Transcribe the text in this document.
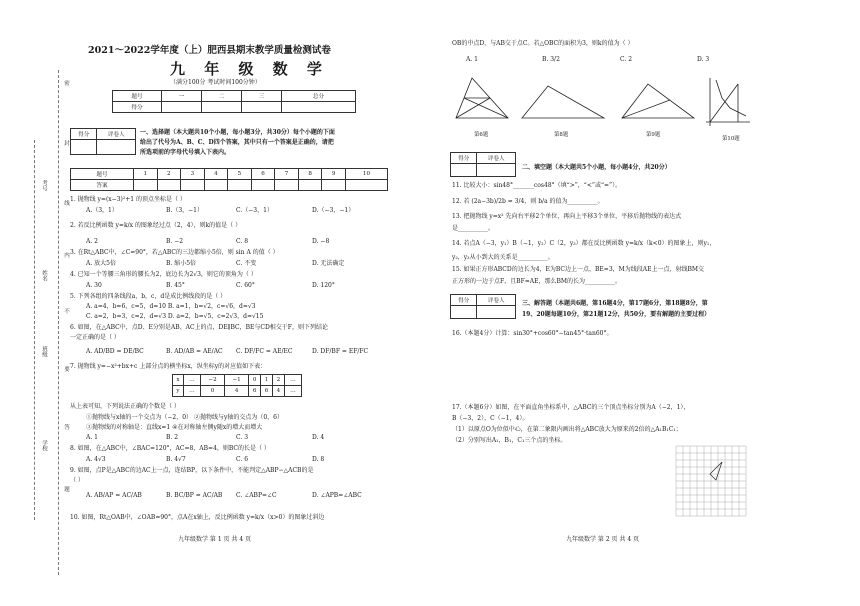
密
封
线
内
不
要
答
题
考号
姓名
班级
学校
2021～2022学年度（上）肥西县期末教学质量检测试卷
九 年 级 数 学
（满分100分 考试时间100分钟）
题号	一	二	三	总分
得分				
得分	评卷人
		一、选择题（本大题共10个小题，每小题3分，共30分）每个小题的下面
给出了代号为A、B、C、D四个答案，其中只有一个答案是正确的，请把
所选项前的字母代号填入下表内。
题号	1	2	3	4	5	6	7	8	9	10
答案										
1. 抛物线 y=(x−3)²+1 的顶点坐标是（ ）
A.（3，1）	B.（3，−1）	C.（−3，1）	D.（−3，−1）
2. 若反比例函数 y=k/x 的图象经过点（2，4），则k的值是（ ）
A. 2	B. −2	C. 8	D. −8
3. 在Rt△ABC中，∠C=90°，若△ABC的三边都缩小5倍，则 sin A 的值（ ）
A. 放大5倍	B. 缩小5倍	C. 不变	D. 无法确定
4. 已知一个等腰三角形的腰长为2，底边长为2√3，则它的顶角为（ ）
A. 30	B. 45°	C. 60°	D. 120°
5. 下列各组的四条线段a，b，c，d是成比例线段的是（ ）
A. a=4，b=6，c=5，d=10 B. a=1，b=√2，c=√6，d=√3
C. a=2，b=3，c=2，d=√3 D. a=2，b=√5，c=2√3，d=√15
6. 如图，在△ABC中，点D、E分别是AB、AC上的点，DE∥BC，BE与CD相交于F，则下列结论
一定正确的是（ ）
A. AD/BD = DE/BC	B. AD/AB = AE/AC C. DF/FC = AE/EC	D. DF/BF = EF/FC
7. 抛物线 y=−x²+bx+c 上部分点的横坐标x，纵坐标y的对应值如下表：
x	…	−2	−1	0	1	2	…
y	…	0	4	6	6	4	…
从上表可知，下列说法正确的个数是（ ）
①抛物线与x轴的一个交点为（−2，0） ②抛物线与y轴的交点为（0，6）
③抛物线的对称轴是：直线x=1 ④在对称轴左侧y随x的增大而增大
A. 1	B. 2	C. 3	D. 4
8. 如图，在△ABC中，∠BAC=120°，AC=8，AB=4，则BC的长是（ ）
A. 4√3	B. 4√7	C. 6	D. 8
9. 如图，点P是△ABC的边AC上一点，连结BP，以下条件中，不能判定△ABP∽△ACB的是
（ ）
A. AB/AP = AC/AB	B. BC/BP = AC/AB C. ∠ABP=∠C	D. ∠APB=∠ABC
10. 如图，Rt△OAB中，∠OAB=90°，点A在x轴上，反比例函数 y=k/x（x>0）的图象过斜边
九年级数学 第 1 页 共 4 页
OB的中点D，与AB交于点C。若△OBC的面积为3，则k的值为（ ）
A. 1	B. 3/2	C. 2	D. 3
第6题	第8题	第9题
第10题
得分	评卷人

二、填空题（本大题共5个小题，每小题4分，共20分）
11. 比较大小：sin48°_______cos48°（填“>”，“<”或“=”）。
12. 若 (2a−3b)/2b = 3/4，则 b/a 的值为__________。
13. 把抛物线 y=x² 先向右平移2个单位，再向上平移3个单位，平移后抛物线的表达式
是__________。
14. 若点A（−3，y₁）B（−1，y₂）C（2，y₃）都在反比例函数 y=k/x（k<0）的图象上，则y₁，
y₂，y₃从小到大的关系是__________。
15. 如果正方形ABCD的边长为4，E为BC边上一点，BE=3，M为线段AE上一点，射线BM交
正方形的一边于点F，且BF=AE，那么BM的长为__________。
得分	评卷人
		三、解答题（本题共6题，第16题4分，第17题6分，第18题8分，第
19、20题每题10分，第21题12分，共50分，要有解题的主要过程）
16.（本题4分）计算：sin30°+cos60°−tan45°·tan60°。
17.（本题6分）如图，在平面直角坐标系中，△ABC的三个顶点坐标分别为A（−2，1），
B（−3，2），C（−1，4）。
（1）以原点O为位似中心，在第二象限内画出将△ABC放大为原来的2倍的△A₁B₁C₁；
（2）分别写出A₁，B₁，C₁三个点的坐标。
九年级数学 第 2 页 共 4 页
